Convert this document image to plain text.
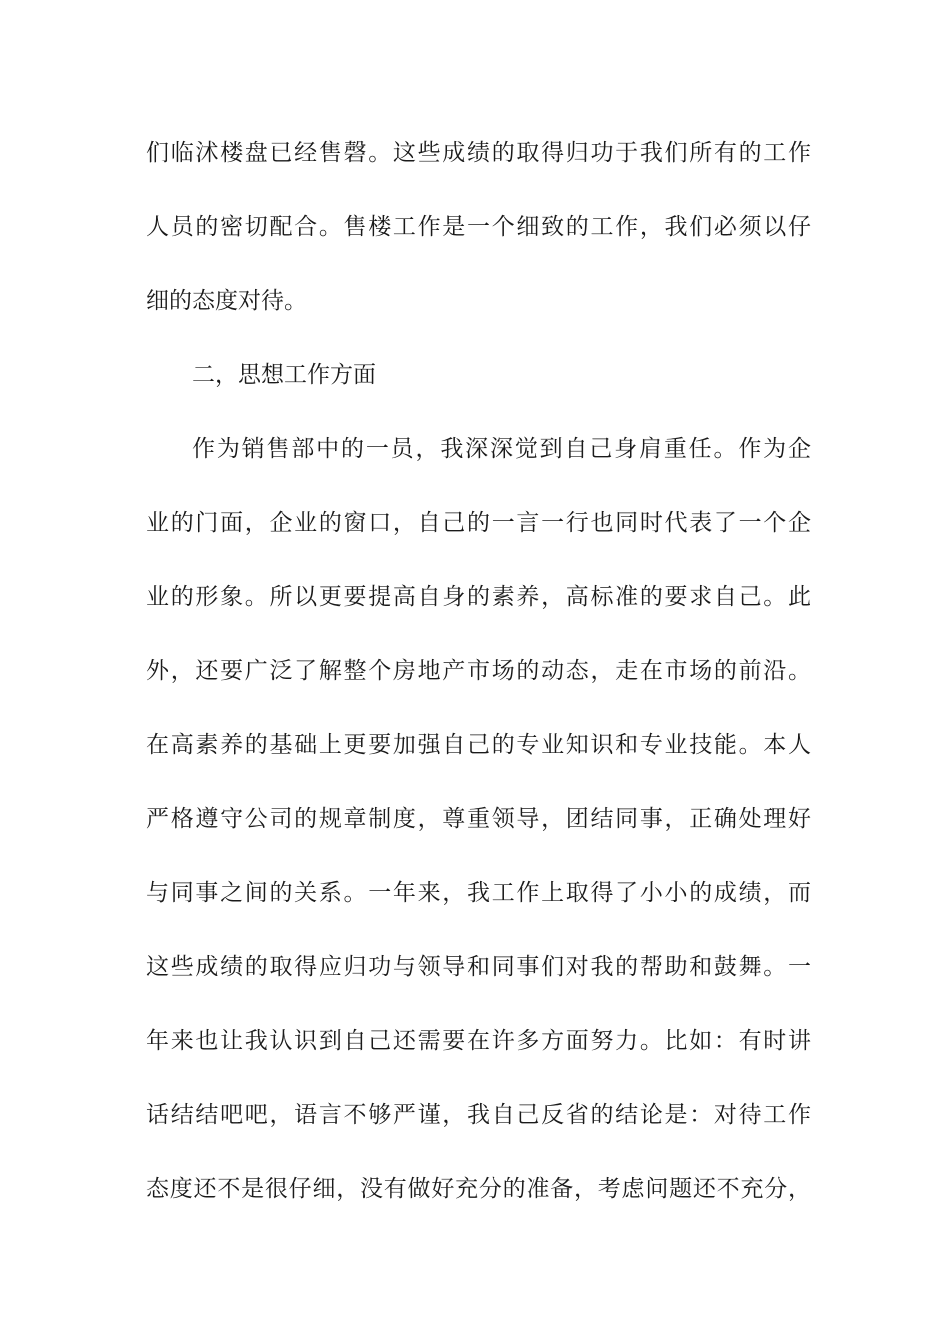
们临沭楼盘已经售磬。这些成绩的取得归功于我们所有的工作
人员的密切配合。售楼工作是一个细致的工作，我们必须以仔
细的态度对待。
二，思想工作方面
作为销售部中的一员，我深深觉到自己身肩重任。作为企
业的门面，企业的窗口，自己的一言一行也同时代表了一个企
业的形象。所以更要提高自身的素养，高标准的要求自己。此
外，还要广泛了解整个房地产市场的动态，走在市场的前沿。
在高素养的基础上更要加强自己的专业知识和专业技能。本人
严格遵守公司的规章制度，尊重领导，团结同事，正确处理好
与同事之间的关系。一年来，我工作上取得了小小的成绩，而
这些成绩的取得应归功与领导和同事们对我的帮助和鼓舞。一
年来也让我认识到自己还需要在许多方面努力。比如：有时讲
话结结吧吧，语言不够严谨，我自己反省的结论是：对待工作
态度还不是很仔细，没有做好充分的准备，考虑问题还不充分，
